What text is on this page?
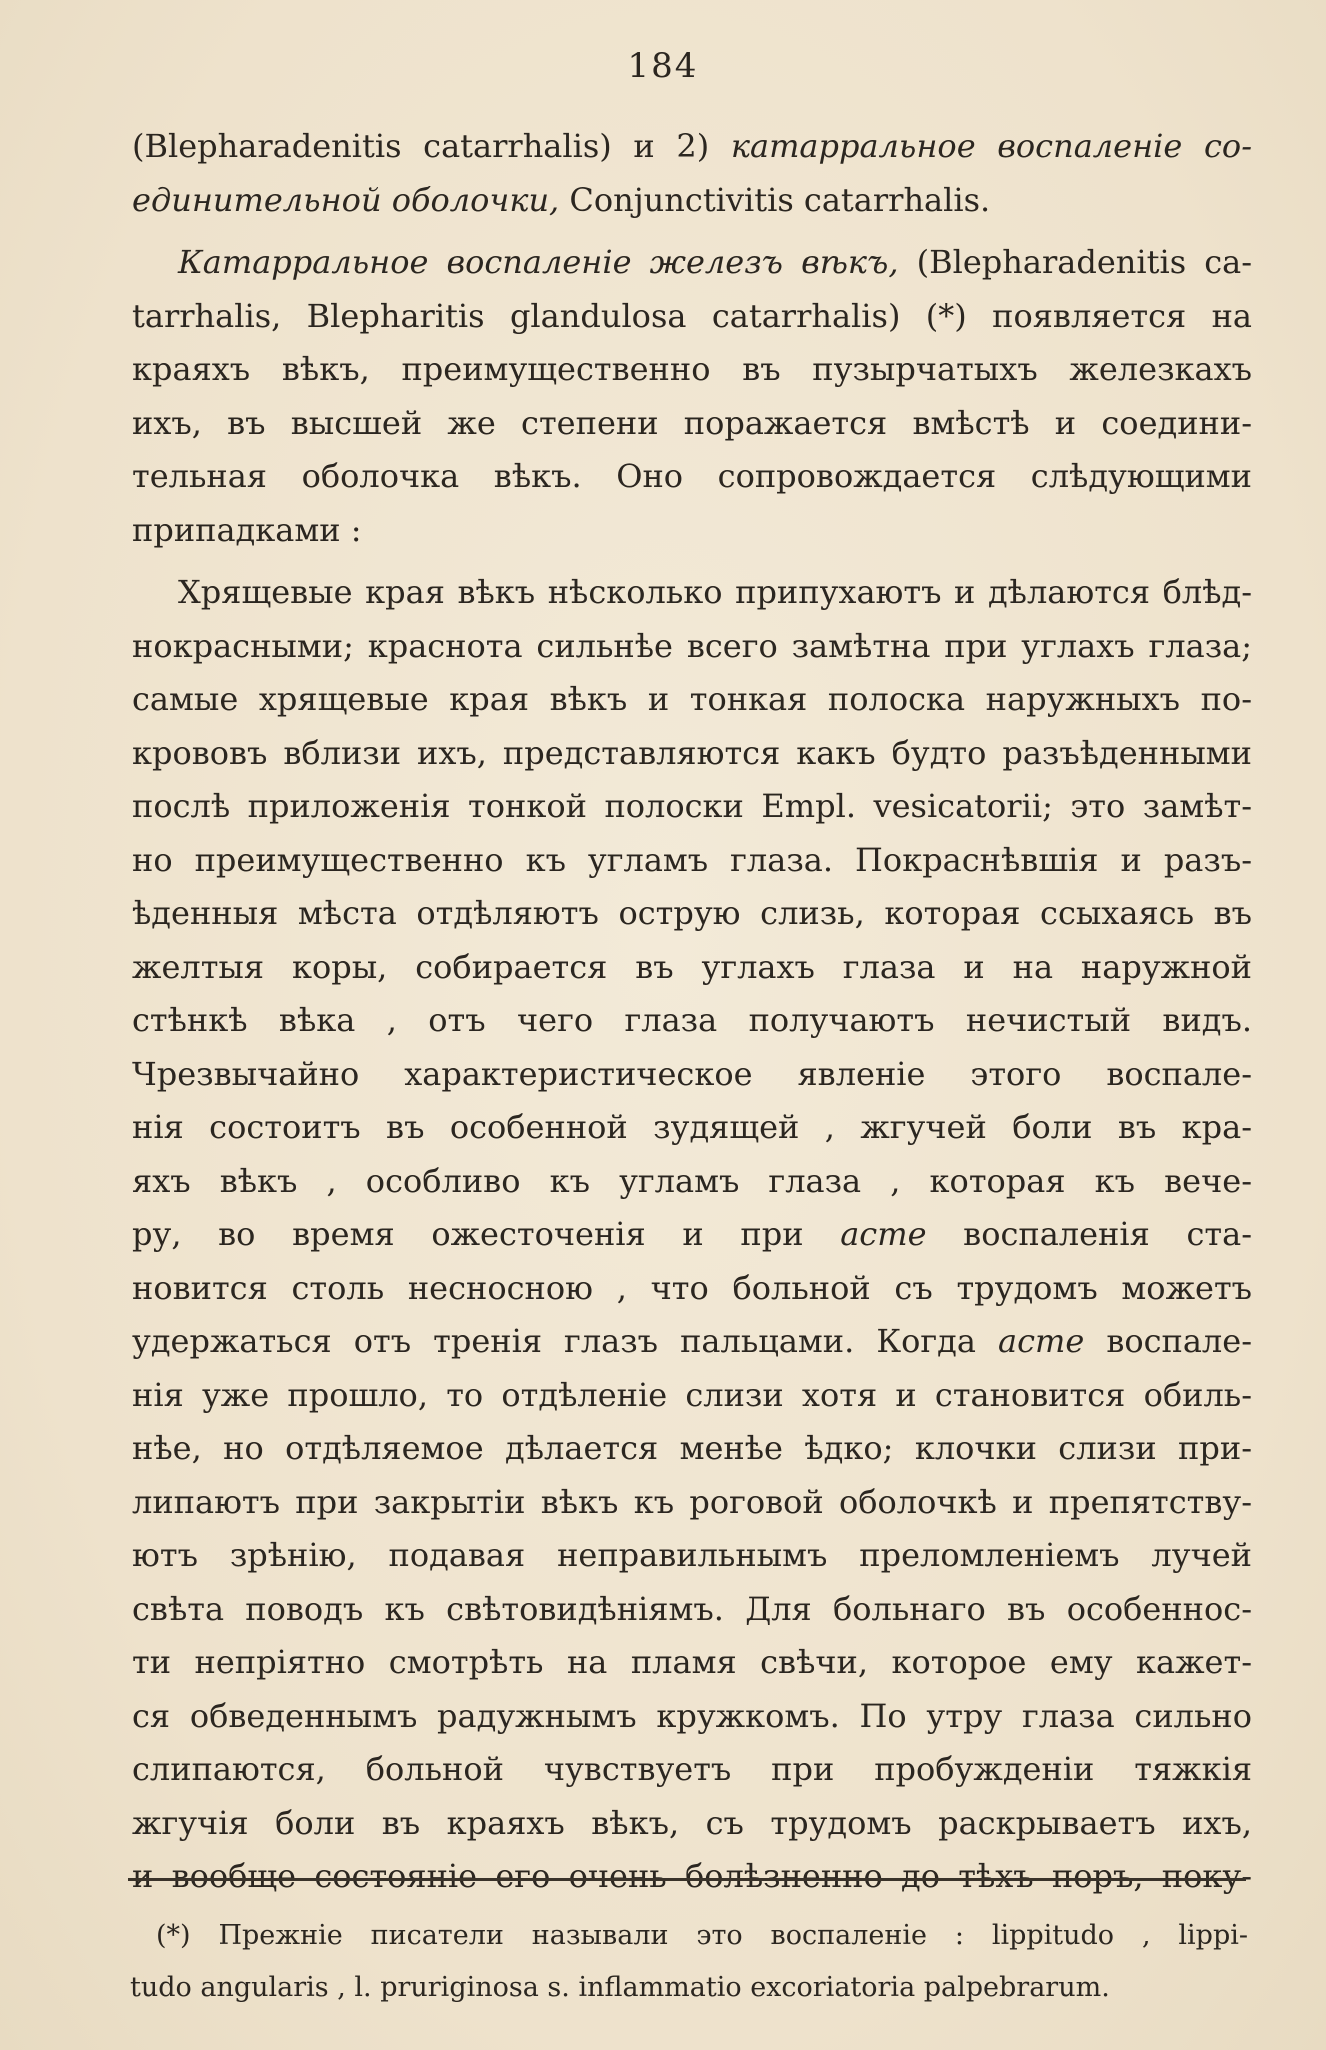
184
(Blepharadenitis catarrhalis) и 2) катарральное воспаленіе со-
единительной оболочки, Conjunctivitis catarrhalis.
Катарральное воспаленіе железъ вѣкъ, (Blepharadenitis ca-
tarrhalis, Blepharitis glandulosa catarrhalis) (*) появляется на
краяхъ вѣкъ, преимущественно въ пузырчатыхъ железкахъ
ихъ, въ высшей же степени поражается вмѣстѣ и соедини-
тельная оболочка вѣкъ. Оно сопровождается слѣдующими
припадками :
Хрящевые края вѣкъ нѣсколько припухаютъ и дѣлаются блѣд-
нокрасными; краснота сильнѣе всего замѣтна при углахъ глаза;
самые хрящевые края вѣкъ и тонкая полоска наружныхъ по-
крововъ вблизи ихъ, представляются какъ будто разъѣденными
послѣ приложенія тонкой полоски Empl. vesicatorii; это замѣт-
но преимущественно къ угламъ глаза. Покраснѣвшія и разъ-
ѣденныя мѣста отдѣляютъ острую слизь, которая ссыхаясь въ
желтыя коры, собирается въ углахъ глаза и на наружной
стѣнкѣ вѣка , отъ чего глаза получаютъ нечистый видъ.
Чрезвычайно характеристическое явленіе этого воспале-
нія состоитъ въ особенной зудящей , жгучей боли въ кра-
яхъ вѣкъ , особливо къ угламъ глаза , которая къ вече-
ру, во время ожесточенія и при acme воспаленія ста-
новится столь несносною , что больной съ трудомъ можетъ
удержаться отъ тренія глазъ пальцами. Когда acme воспале-
нія уже прошло, то отдѣленіе слизи хотя и становится обиль-
нѣе, но отдѣляемое дѣлается менѣе ѣдко; клочки слизи при-
липаютъ при закрытіи вѣкъ къ роговой оболочкѣ и препятству-
ютъ зрѣнію, подавая неправильнымъ преломленіемъ лучей
свѣта поводъ къ свѣтовидѣніямъ. Для больнаго въ особеннос-
ти непріятно смотрѣть на пламя свѣчи, которое ему кажет-
ся обведеннымъ радужнымъ кружкомъ. По утру глаза сильно
слипаются, больной чувствуетъ при пробужденіи тяжкія
жгучія боли въ краяхъ вѣкъ, съ трудомъ раскрываетъ ихъ,
и вообще состояніе его очень болѣзненно до тѣхъ поръ, поку-
(*) Прежніе писатели называли это воспаленіе : lippitudo , lippi-
tudo angularis , l. pruriginosa s. inflammatio excoriatoria palpebrarum.
